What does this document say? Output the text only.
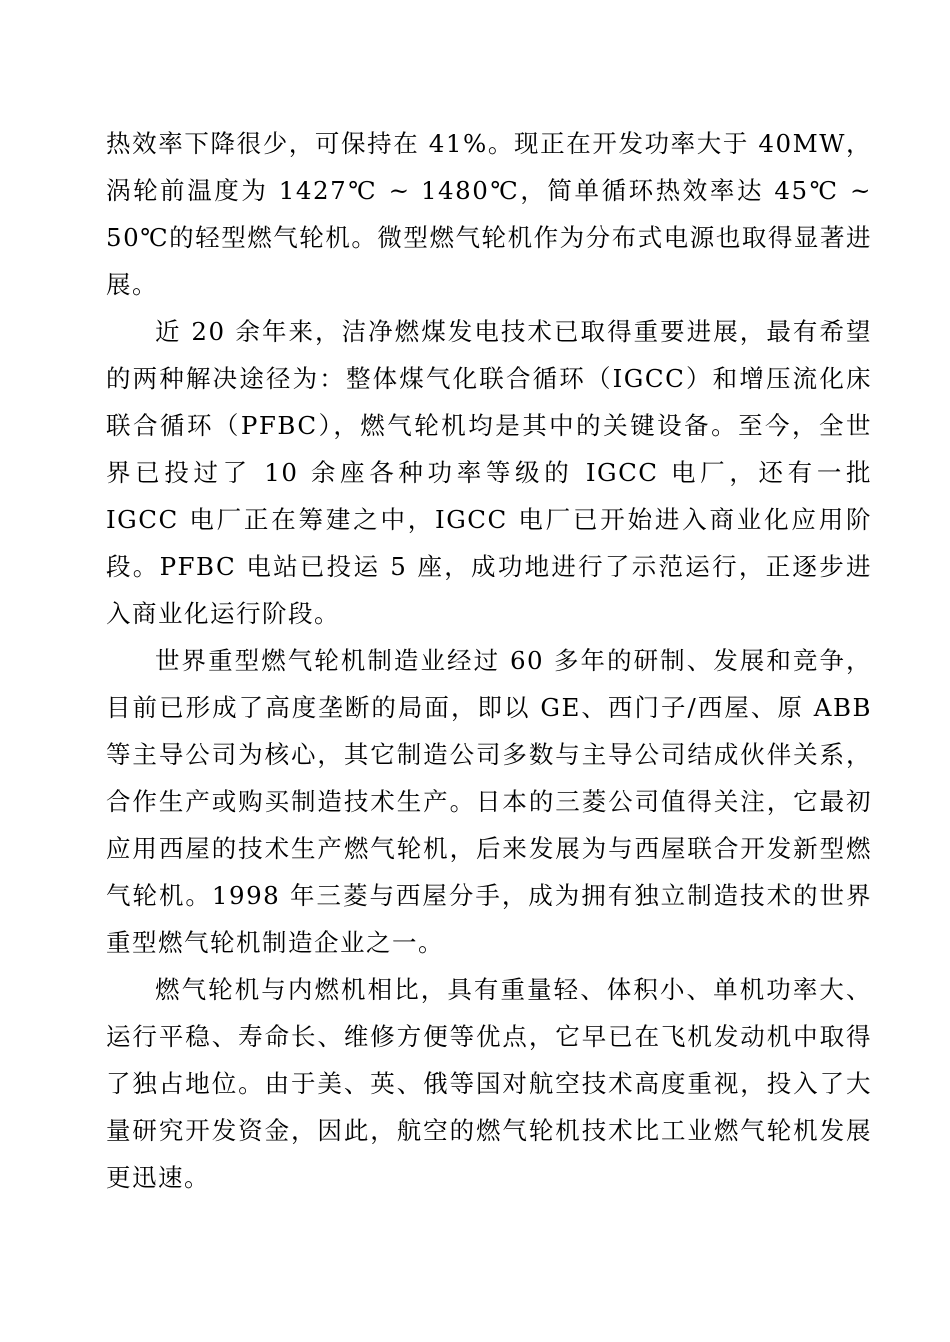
热效率下降很少，可保持在 41%。现正在开发功率大于 40MW，涡轮前温度为 1427℃ ~ 1480℃，简单循环热效率达 45℃ ~ 50℃的轻型燃气轮机。微型燃气轮机作为分布式电源也取得显著进展。

近 20 余年来，洁净燃煤发电技术已取得重要进展，最有希望的两种解决途径为：整体煤气化联合循环（IGCC）和增压流化床联合循环（PFBC），燃气轮机均是其中的关键设备。至今，全世界已投过了 10 余座各种功率等级的 IGCC 电厂，还有一批 IGCC 电厂正在筹建之中，IGCC 电厂已开始进入商业化应用阶段。PFBC 电站已投运 5 座，成功地进行了示范运行，正逐步进入商业化运行阶段。

世界重型燃气轮机制造业经过 60 多年的研制、发展和竞争，目前已形成了高度垄断的局面，即以 GE、西门子/西屋、原 ABB 等主导公司为核心，其它制造公司多数与主导公司结成伙伴关系，合作生产或购买制造技术生产。日本的三菱公司值得关注，它最初应用西屋的技术生产燃气轮机，后来发展为与西屋联合开发新型燃气轮机。1998 年三菱与西屋分手，成为拥有独立制造技术的世界重型燃气轮机制造企业之一。

燃气轮机与内燃机相比，具有重量轻、体积小、单机功率大、运行平稳、寿命长、维修方便等优点，它早已在飞机发动机中取得了独占地位。由于美、英、俄等国对航空技术高度重视，投入了大量研究开发资金，因此，航空的燃气轮机技术比工业燃气轮机发展更迅速。
